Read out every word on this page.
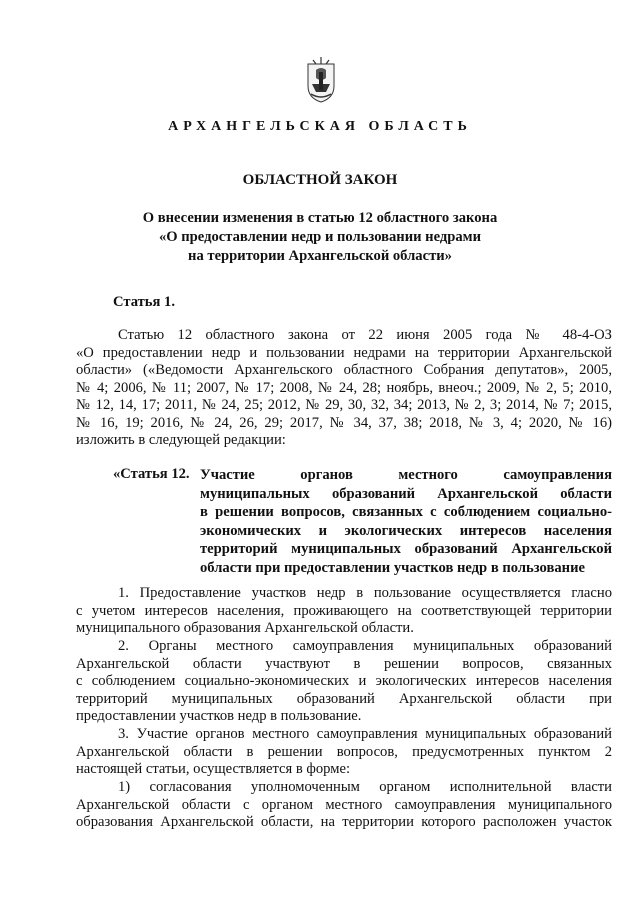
АРХАНГЕЛЬСКАЯ ОБЛАСТЬ
ОБЛАСТНОЙ ЗАКОН
О внесении изменения в статью 12 областного закона
«О предоставлении недр и пользовании недрами
на территории Архангельской области»
Статья 1.
Статью 12 областного закона от 22 июня 2005 года № 48-4-ОЗ
«О предоставлении недр и пользовании недрами на территории Архангельской
области» («Ведомости Архангельского областного Собрания депутатов», 2005,
№ 4; 2006, № 11; 2007, № 17; 2008, № 24, 28; ноябрь, внеоч.; 2009, № 2, 5; 2010,
№ 12, 14, 17; 2011, № 24, 25; 2012, № 29, 30, 32, 34; 2013, № 2, 3; 2014, № 7; 2015,
№ 16, 19; 2016, № 24, 26, 29; 2017, № 34, 37, 38; 2018, № 3, 4; 2020, № 16)
изложить в следующей редакции:
«Статья 12. Участие органов местного самоуправления
муниципальных образований Архангельской области
в решении вопросов, связанных с соблюдением социально-
экономических и экологических интересов населения
территорий муниципальных образований Архангельской
области при предоставлении участков недр в пользование
1. Предоставление участков недр в пользование осуществляется гласно
с учетом интересов населения, проживающего на соответствующей территории
муниципального образования Архангельской области.
2. Органы местного самоуправления муниципальных образований
Архангельской области участвуют в решении вопросов, связанных
с соблюдением социально-экономических и экологических интересов населения
территорий муниципальных образований Архангельской области при
предоставлении участков недр в пользование.
3. Участие органов местного самоуправления муниципальных образований
Архангельской области в решении вопросов, предусмотренных пунктом 2
настоящей статьи, осуществляется в форме:
1) согласования уполномоченным органом исполнительной власти
Архангельской области с органом местного самоуправления муниципального
образования Архангельской области, на территории которого расположен участок
